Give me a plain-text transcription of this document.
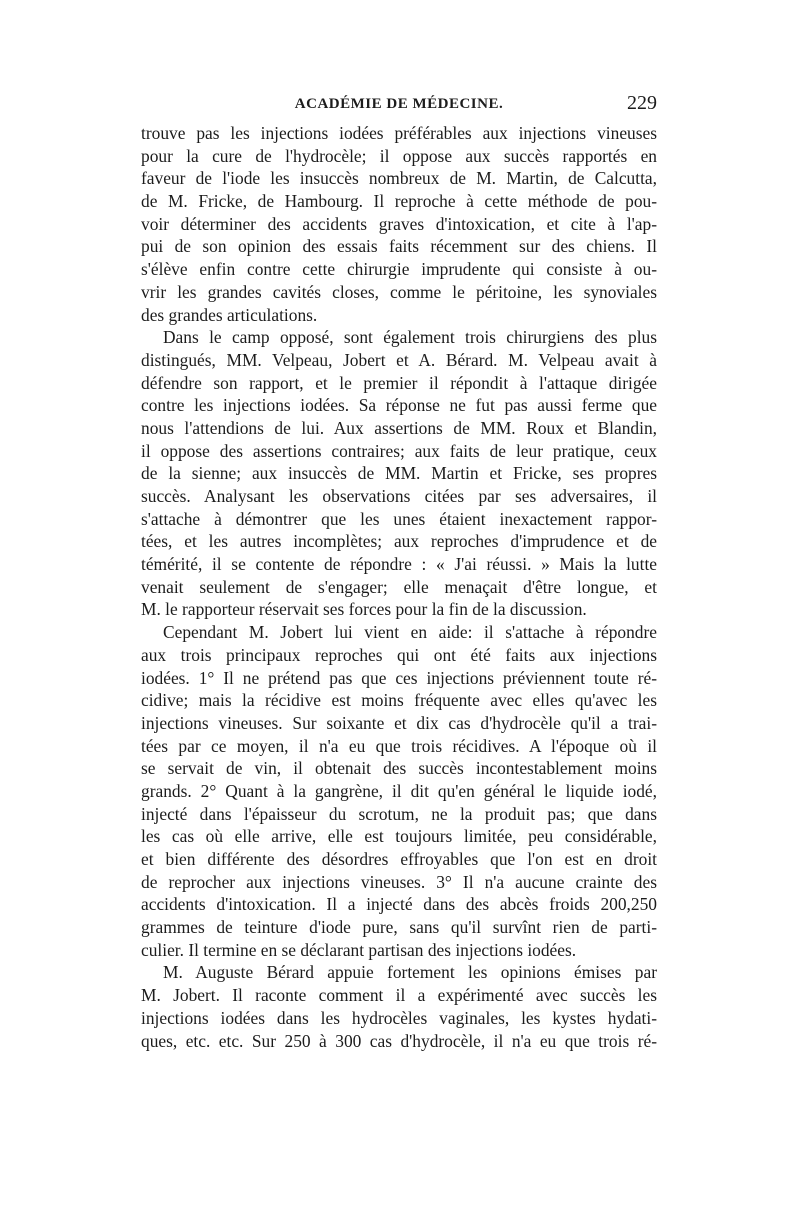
ACADÉMIE DE MÉDECINE.	229
trouve pas les injections iodées préférables aux injections vineuses
pour la cure de l'hydrocèle; il oppose aux succès rapportés en
faveur de l'iode les insuccès nombreux de M. Martin, de Calcutta,
de M. Fricke, de Hambourg. Il reproche à cette méthode de pou-
voir déterminer des accidents graves d'intoxication, et cite à l'ap-
pui de son opinion des essais faits récemment sur des chiens. Il
s'élève enfin contre cette chirurgie imprudente qui consiste à ou-
vrir les grandes cavités closes, comme le péritoine, les synoviales
des grandes articulations.
Dans le camp opposé, sont également trois chirurgiens des plus
distingués, MM. Velpeau, Jobert et A. Bérard. M. Velpeau avait à
défendre son rapport, et le premier il répondit à l'attaque dirigée
contre les injections iodées. Sa réponse ne fut pas aussi ferme que
nous l'attendions de lui. Aux assertions de MM. Roux et Blandin,
il oppose des assertions contraires; aux faits de leur pratique, ceux
de la sienne; aux insuccès de MM. Martin et Fricke, ses propres
succès. Analysant les observations citées par ses adversaires, il
s'attache à démontrer que les unes étaient inexactement rappor-
tées, et les autres incomplètes; aux reproches d'imprudence et de
témérité, il se contente de répondre : « J'ai réussi. » Mais la lutte
venait seulement de s'engager; elle menaçait d'être longue, et
M. le rapporteur réservait ses forces pour la fin de la discussion.
Cependant M. Jobert lui vient en aide: il s'attache à répondre
aux trois principaux reproches qui ont été faits aux injections
iodées. 1° Il ne prétend pas que ces injections préviennent toute ré-
cidive; mais la récidive est moins fréquente avec elles qu'avec les
injections vineuses. Sur soixante et dix cas d'hydrocèle qu'il a trai-
tées par ce moyen, il n'a eu que trois récidives. A l'époque où il
se servait de vin, il obtenait des succès incontestablement moins
grands. 2° Quant à la gangrène, il dit qu'en général le liquide iodé,
injecté dans l'épaisseur du scrotum, ne la produit pas; que dans
les cas où elle arrive, elle est toujours limitée, peu considérable,
et bien différente des désordres effroyables que l'on est en droit
de reprocher aux injections vineuses. 3° Il n'a aucune crainte des
accidents d'intoxication. Il a injecté dans des abcès froids 200,250
grammes de teinture d'iode pure, sans qu'il survînt rien de parti-
culier. Il termine en se déclarant partisan des injections iodées.
M. Auguste Bérard appuie fortement les opinions émises par
M. Jobert. Il raconte comment il a expérimenté avec succès les
injections iodées dans les hydrocèles vaginales, les kystes hydati-
ques, etc. etc. Sur 250 à 300 cas d'hydrocèle, il n'a eu que trois ré-
